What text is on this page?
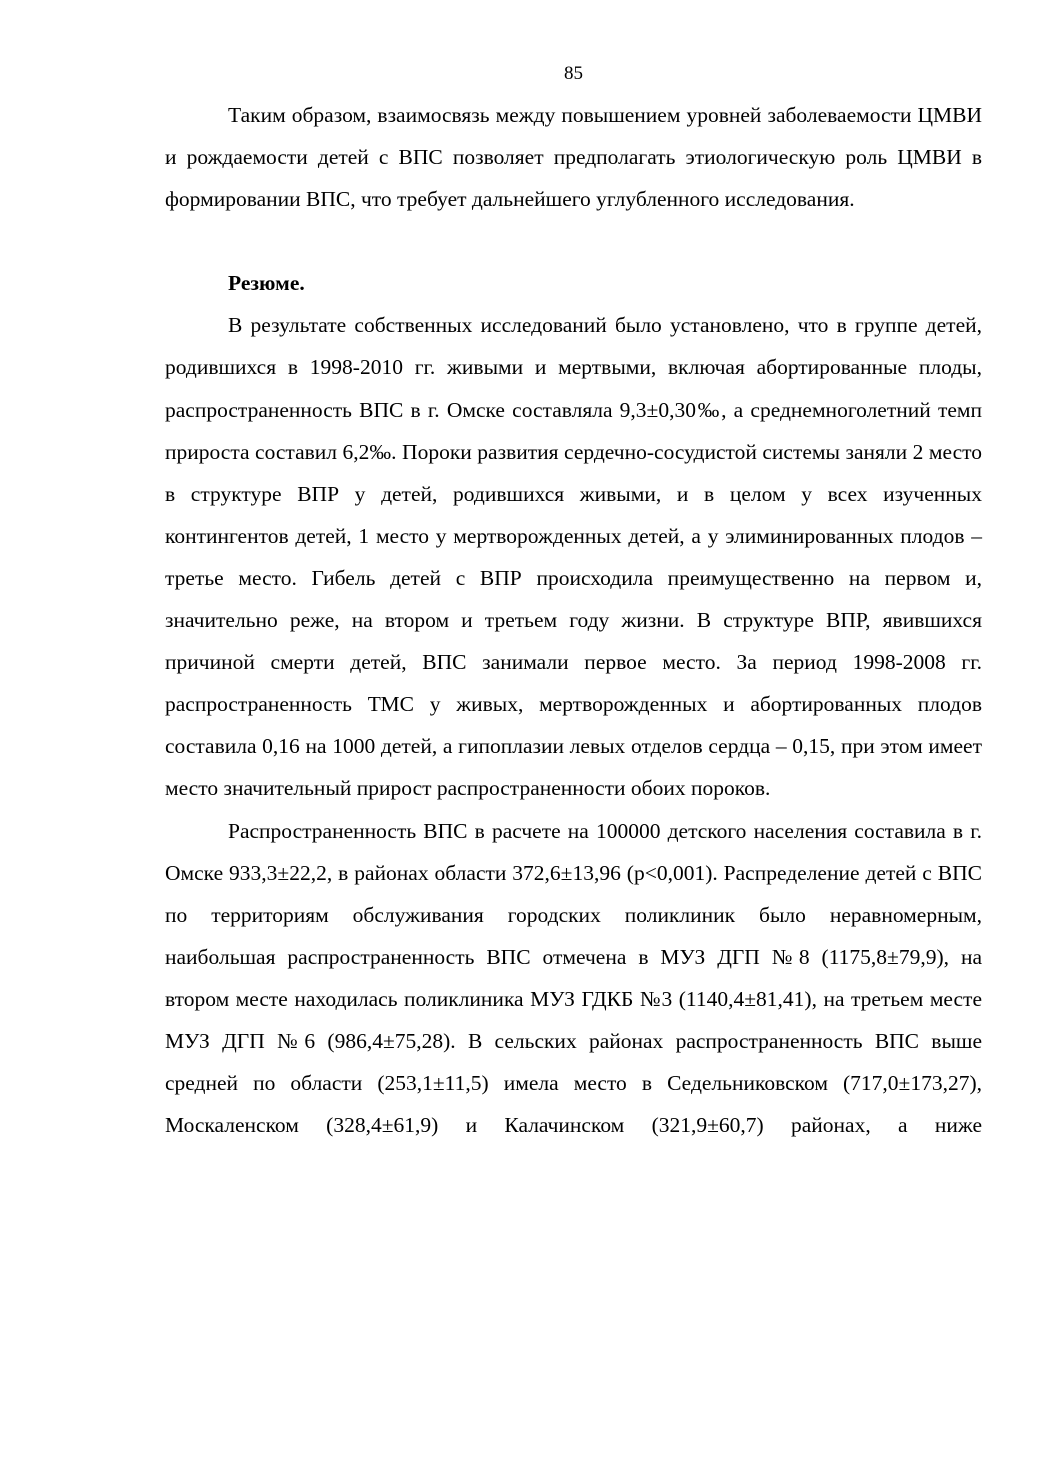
85

Таким образом, взаимосвязь между повышением уровней заболеваемости ЦМВИ и рождаемости детей с ВПС позволяет предполагать этиологическую роль ЦМВИ в формировании ВПС, что требует дальнейшего углубленного исследования.

Резюме.

В результате собственных исследований было установлено, что в группе детей, родившихся в 1998-2010 гг. живыми и мертвыми, включая абортированные плоды, распространенность ВПС в г. Омске составляла 9,3±0,30‰, а среднемноголетний темп прироста составил 6,2‰. Пороки развития сердечно-сосудистой системы заняли 2 место в структуре ВПР у детей, родившихся живыми, и в целом у всех изученных контингентов детей, 1 место у мертворожденных детей, а у элиминированных плодов – третье место. Гибель детей с ВПР происходила преимущественно на первом и, значительно реже, на втором и третьем году жизни. В структуре ВПР, явившихся причиной смерти детей, ВПС занимали первое место. За период 1998-2008 гг. распространенность ТМС у живых, мертворожденных и абортированных плодов составила 0,16 на 1000 детей, а гипоплазии левых отделов сердца – 0,15, при этом имеет место значительный прирост распространенности обоих пороков.

Распространенность ВПС в расчете на 100000 детского населения составила в г. Омске 933,3±22,2, в районах области 372,6±13,96 (p<0,001). Распределение детей с ВПС по территориям обслуживания городских поликлиник было неравномерным, наибольшая распространенность ВПС отмечена в МУЗ ДГП №8 (1175,8±79,9), на втором месте находилась поликлиника МУЗ ГДКБ №3 (1140,4±81,41), на третьем месте МУЗ ДГП №6 (986,4±75,28). В сельских районах распространенность ВПС выше средней по области (253,1±11,5) имела место в Седельниковском (717,0±173,27), Москаленском (328,4±61,9) и Калачинском (321,9±60,7) районах, а ниже
